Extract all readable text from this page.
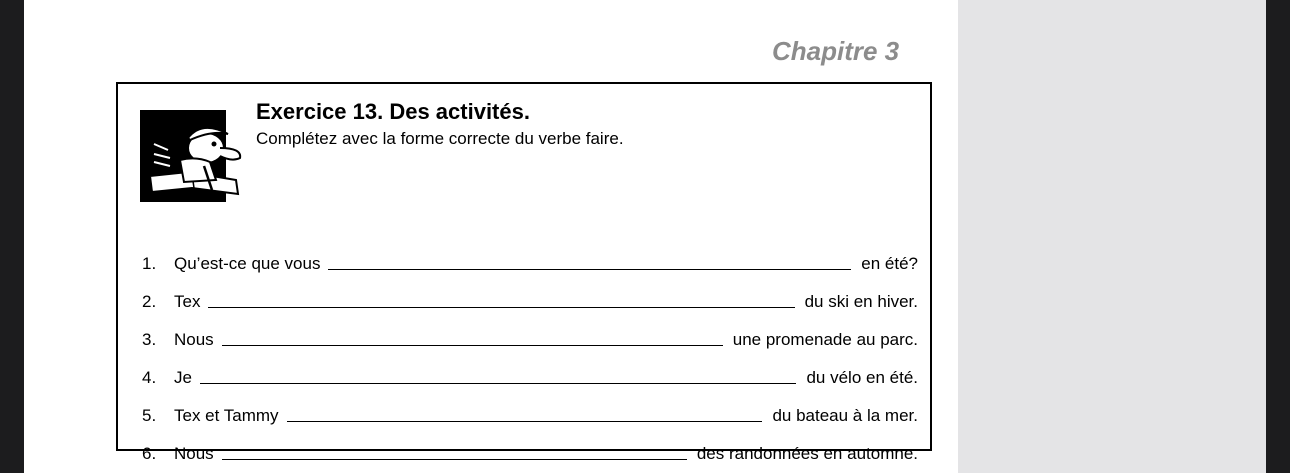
Chapitre 3
Exercice 13. Des activités.
Complétez avec la forme correcte du verbe faire.
1.	Qu’est-ce que vous	en été?
2.	Tex	du ski en hiver.
3.	Nous	une promenade au parc.
4.	Je	du vélo en été.
5.	Tex et Tammy	du bateau à la mer.
6.	Nous	des randonnées en automne.
